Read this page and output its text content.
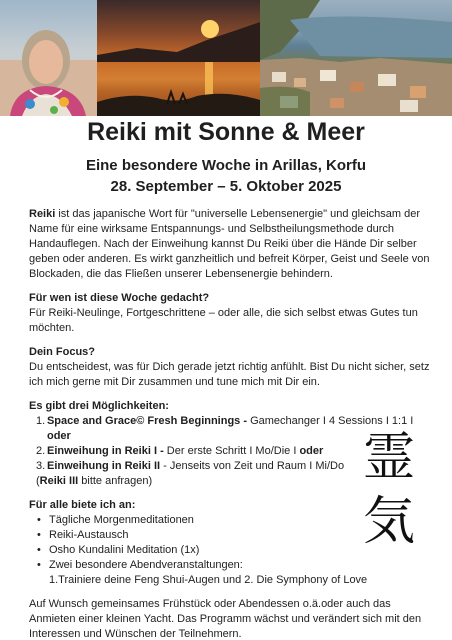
Reiki mit Sonne & Meer
Eine besondere Woche in Arillas, Korfu
28. September – 5. Oktober 2025

Reiki ist das japanische Wort für "universelle Lebensenergie" und gleichsam der Name für eine wirksame Entspannungs- und Selbstheilungsmethode durch Handauflegen. Nach der Einweihung kannst Du Reiki über die Hände Dir selber geben oder anderen. Es wirkt ganzheitlich und befreit Körper, Geist und Seele von Blockaden, die das Fließen unserer Lebensenergie behindern.

Für wen ist diese Woche gedacht?
Für Reiki-Neulinge, Fortgeschrittene – oder alle, die sich selbst etwas Gutes tun möchten.
Dein Focus?
Du entscheidest, was für Dich gerade jetzt richtig anfühlt. Bist Du nicht sicher, setz ich mich gerne mit Dir zusammen und tune mich mit Dir ein.
Es gibt drei Möglichkeiten:
1. Space and Grace© Fresh Beginnings - Gamechanger I 4 Sessions I 1:1 I oder
2. Einweihung in Reiki I - Der erste Schritt I Mo/Die I oder
3. Einweihung in Reiki II - Jenseits von Zeit und Raum I Mi/Do
(Reiki III bitte anfragen)
Für alle biete ich an:
• Tägliche Morgenmeditationen
• Reiki-Austausch
• Osho Kundalini Meditation (1x)
• Zwei besondere Abendveranstaltungen:
1.Trainiere deine Feng Shui-Augen und 2. Die Symphony of Love

Auf Wunsch gemeinsames Frühstück oder Abendessen o.ä.oder auch das Anmieten einer kleinen Yacht. Das Programm wächst und verändert sich mit den Interessen und Wünschen der Teilnehmern.

霊
気
